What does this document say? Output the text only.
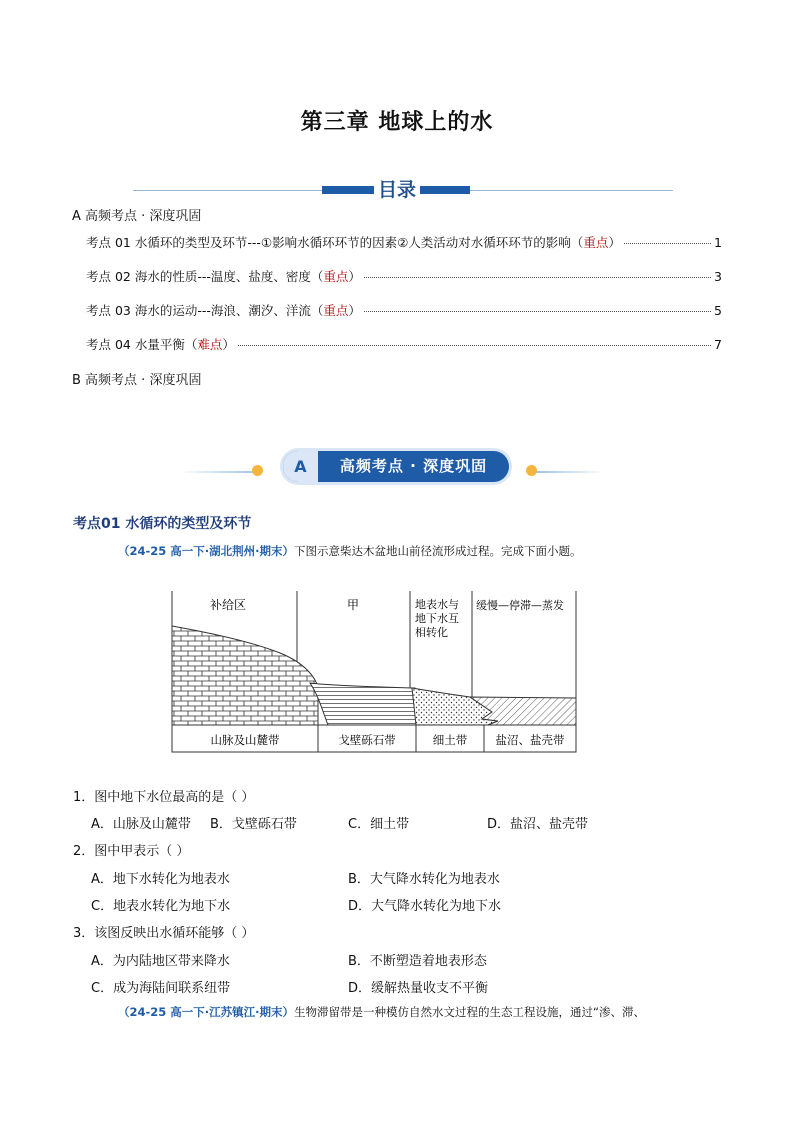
第三章 地球上的水
目录
A 高频考点 · 深度巩固
考点 01 水循环的类型及环节---①影响水循环环节的因素②人类活动对水循环环节的影响（ 重点 ）	1
考点 02 海水的性质---温度、盐度、密度（ 重点 ）	3
考点 03 海水的运动---海浪、潮汐、洋流（ 重点 ）	5
考点 04 水量平衡（ 难点 ）	7
B 高频考点 · 深度巩固
A	高频考点 · 深度巩固
考点01 水循环的类型及环节
（24-25 高一下·湖北荆州·期末）下图示意柴达木盆地山前径流形成过程。完成下面小题。
补给区	甲	地表水与
地下水互
相转化
缓慢—停滞—蒸发
山脉及山麓带	戈壁砾石带	细土带 盐沼、盐壳带
1．图中地下水位最高的是（ ）
A．山脉及山麓带 B．戈壁砾石带	C．细土带	D．盐沼、盐壳带
2．图中甲表示（ ）
A．地下水转化为地表水	B．大气降水转化为地表水
C．地表水转化为地下水	D．大气降水转化为地下水
3．该图反映出水循环能够（ ）
A．为内陆地区带来降水	B．不断塑造着地表形态
C．成为海陆间联系纽带	D．缓解热量收支不平衡
（24-25 高一下·江苏镇江·期末）生物滞留带是一种模仿自然水文过程的生态工程设施，通过“渗、滞、
